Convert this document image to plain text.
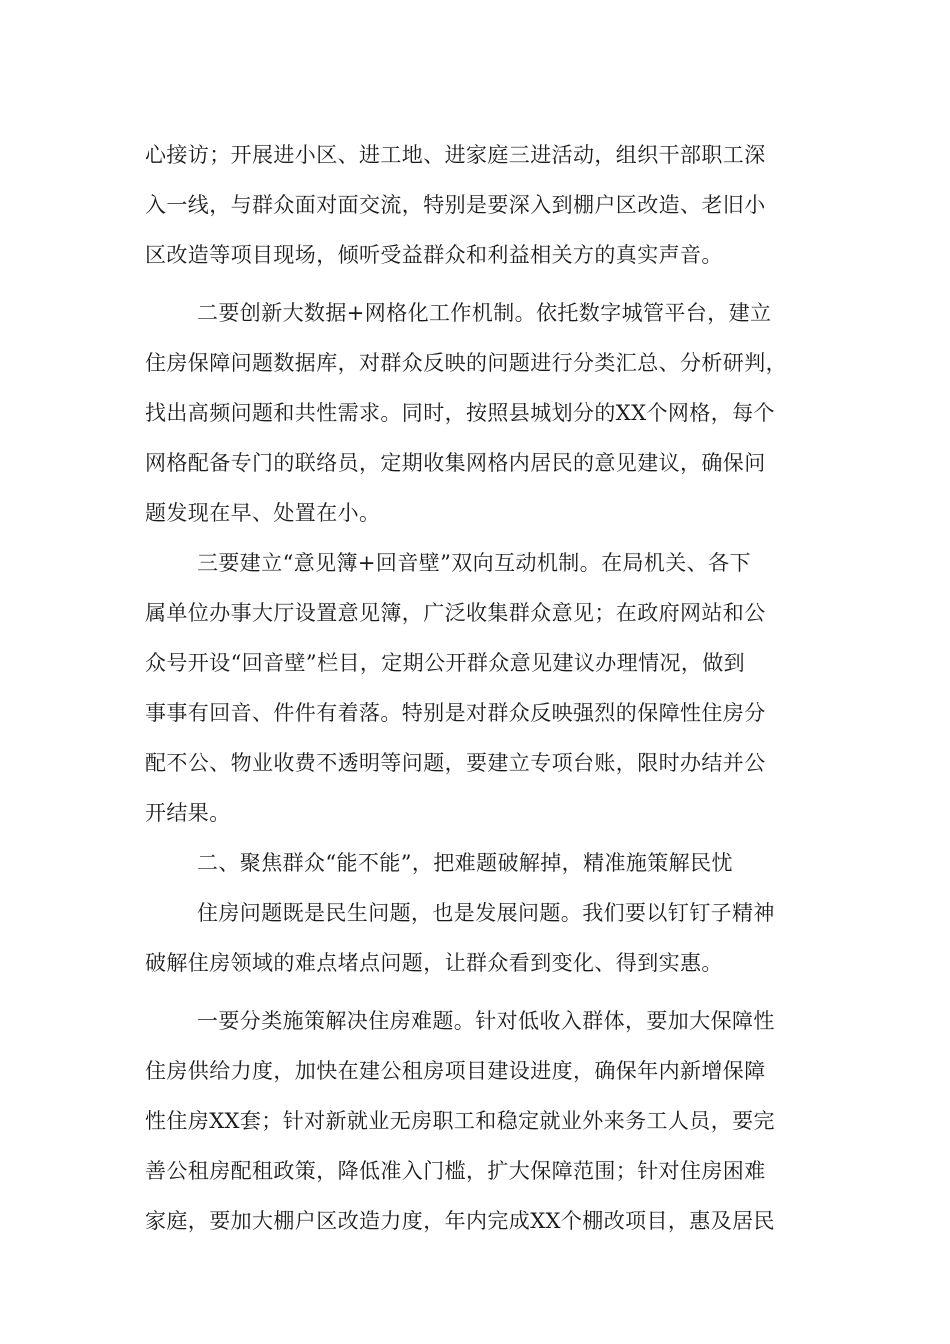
心接访；开展进小区、进工地、进家庭三进活动，组织干部职工深
入一线，与群众面对面交流，特别是要深入到棚户区改造、老旧小
区改造等项目现场，倾听受益群众和利益相关方的真实声音。
二要创新大数据+网格化工作机制。依托数字城管平台，建立
住房保障问题数据库，对群众反映的问题进行分类汇总、分析研判，
找出高频问题和共性需求。同时，按照县城划分的XX个网格，每个
网格配备专门的联络员，定期收集网格内居民的意见建议，确保问
题发现在早、处置在小。
三要建立“意见簿+回音壁”双向互动机制。在局机关、各下
属单位办事大厅设置意见簿，广泛收集群众意见；在政府网站和公
众号开设“回音壁”栏目，定期公开群众意见建议办理情况，做到
事事有回音、件件有着落。特别是对群众反映强烈的保障性住房分
配不公、物业收费不透明等问题，要建立专项台账，限时办结并公
开结果。
二、聚焦群众“能不能”，把难题破解掉，精准施策解民忧
住房问题既是民生问题，也是发展问题。我们要以钉钉子精神
破解住房领域的难点堵点问题，让群众看到变化、得到实惠。
一要分类施策解决住房难题。针对低收入群体，要加大保障性
住房供给力度，加快在建公租房项目建设进度，确保年内新增保障
性住房XX套；针对新就业无房职工和稳定就业外来务工人员，要完
善公租房配租政策，降低准入门槛，扩大保障范围；针对住房困难
家庭，要加大棚户区改造力度，年内完成XX个棚改项目，惠及居民
